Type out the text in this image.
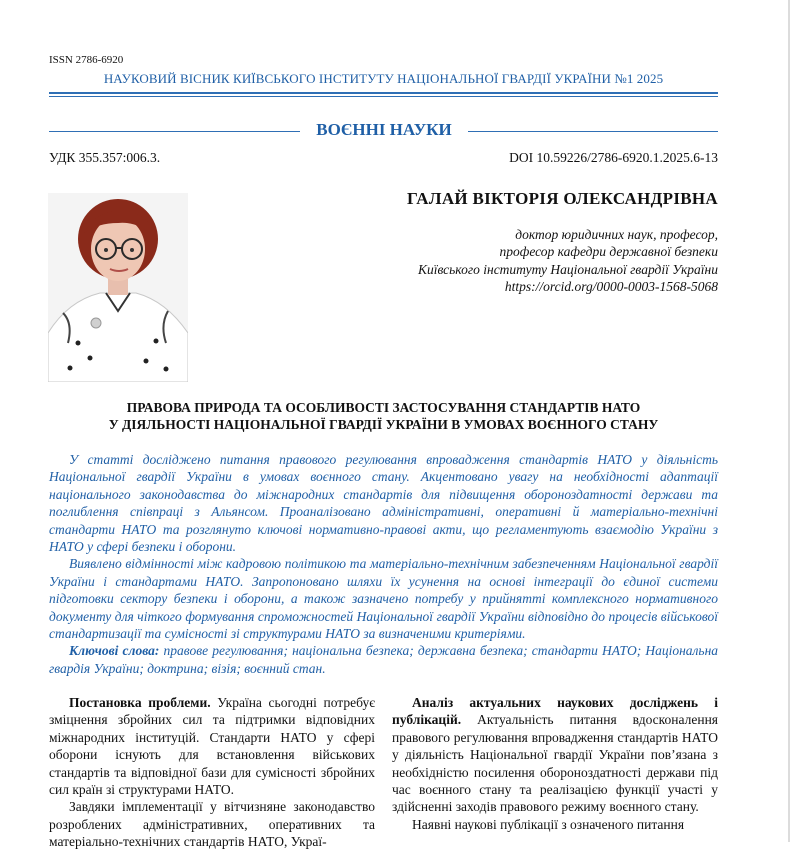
ISSN 2786-6920
НАУКОВИЙ ВІСНИК КИЇВСЬКОГО ІНСТИТУТУ НАЦІОНАЛЬНОЇ ГВАРДІЇ УКРАЇНИ №1 2025
ВОЄННІ НАУКИ
УДК 355.357:006.3.	DOI 10.59226/2786-6920.1.2025.6-13
ГАЛАЙ ВІКТОРІЯ ОЛЕКСАНДРІВНА
доктор юридичних наук, професор,
професор кафедри державної безпеки
Київського інституту Національної гвардії України
https://orcid.org/0000-0003-1568-5068
ПРАВОВА ПРИРОДА ТА ОСОБЛИВОСТІ ЗАСТОСУВАННЯ СТАНДАРТІВ НАТО
У ДІЯЛЬНОСТІ НАЦІОНАЛЬНОЇ ГВАРДІЇ УКРАЇНИ В УМОВАХ ВОЄННОГО СТАНУ

У статті досліджено питання правового регулювання впровадження стандартів НАТО у діяльність Національної гвардії України в умовах воєнного стану. Акцентовано увагу на необхідності адаптації національного законодавства до міжнародних стандартів для підвищення обороноздатності держави та поглиблення співпраці з Альянсом. Проаналізовано адміністративні, оперативні й матеріально-технічні стандарти НАТО та розглянуто ключові нормативно-правові акти, що регламентують взаємодію України з НАТО у сфері безпеки і оборони.

Виявлено відмінності між кадровою політикою та матеріально-технічним забезпеченням Національної гвардії України і стандартами НАТО. Запропоновано шляхи їх усунення на основі інтеграції до єдиної системи підготовки сектору безпеки і оборони, а також зазначено потребу у прийнятті комплексного нормативного документу для чіткого формування спроможностей Національної гвардії України відповідно до процесів військової стандартизації та сумісності зі структурами НАТО за визначеними критеріями.

Ключові слова: правове регулювання; національна безпека; державна безпека; стандарти НАТО; Національна гвардія України; доктрина; візія; воєнний стан.

Постановка проблеми. Україна сьогодні потребує зміцнення збройних сил та підтримки відповідних міжнародних інституцій. Стандарти НАТО у сфері оборони існують для встановлення військових стандартів та відповідної бази для сумісності збройних сил країн зі структурами НАТО.

Завдяки імплементації у вітчизняне законодавство розроблених адміністративних, оперативних та матеріально-технічних стандартів НАТО, Украї-

Аналіз актуальних наукових досліджень і публікацій. Актуальність питання вдосконалення правового регулювання впровадження стандартів НАТО у діяльність Національної гвардії України пов’язана з необхідністю посилення обороноздатності держави під час воєнного стану та реалізацією функції участі у здійсненні заходів правового режиму воєнного стану.

Наявні наукові публікації з означеного питання
